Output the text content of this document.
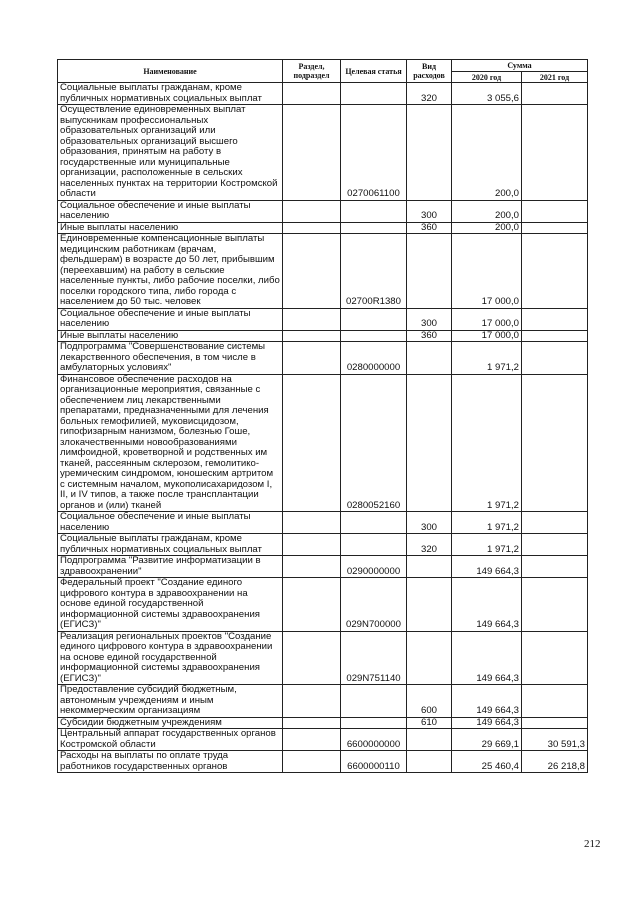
Наименование	Раздел, подраздел	Целевая статья	Вид расходов	Сумма	
				2020 год	2021 год
Социальные выплаты гражданам, кроме публичных нормативных социальных выплат			320	3 055,6	
Осуществление единовременных выплат выпускникам профессиональных образовательных организаций или образовательных организаций высшего образования, принятым на работу в государственные или муниципальные организации, расположенные в сельских населенных пунктах на территории Костромской области		0270061100		200,0	
Социальное обеспечение и иные выплаты населению			300	200,0	
Иные выплаты населению			360	200,0	
Единовременные компенсационные выплаты медицинским работникам (врачам, фельдшерам) в возрасте до 50 лет, прибывшим (переехавшим) на работу в сельские населенные пункты, либо рабочие поселки, либо поселки городского типа, либо города с населением до 50 тыс. человек		02700R1380		17 000,0	
Социальное обеспечение и иные выплаты населению			300	17 000,0	
Иные выплаты населению			360	17 000,0	
Подпрограмма "Совершенствование системы лекарственного обеспечения, в том числе в амбулаторных условиях"		0280000000		1 971,2	
Финансовое обеспечение расходов на организационные мероприятия, связанные с обеспечением лиц лекарственными препаратами, предназначенными для лечения больных гемофилией, муковисцидозом, гипофизарным нанизмом, болезнью Гоше, злокачественными новообразованиями лимфоидной, кроветворной и родственных им тканей, рассеянным склерозом, гемолитико-уремическим синдромом, юношеским артритом с системным началом, мукополисахаридозом I, II, и IV типов, а также после трансплантации органов и (или) тканей		0280052160		1 971,2	
Социальное обеспечение и иные выплаты населению			300	1 971,2	
Социальные выплаты гражданам, кроме публичных нормативных социальных выплат			320	1 971,2	
Подпрограмма "Развитие информатизации в здравоохранении"		0290000000		149 664,3	
Федеральный проект "Создание единого цифрового контура в здравоохранении на основе единой государственной информационной системы здравоохранения (ЕГИСЗ)"		029N700000		149 664,3	
Реализация региональных проектов "Создание единого цифрового контура в здравоохранении на основе единой государственной информационной системы здравоохранения (ЕГИСЗ)"		029N751140		149 664,3	
Предоставление субсидий бюджетным, автономным учреждениям и иным некоммерческим организациям			600	149 664,3	
Субсидии бюджетным учреждениям			610	149 664,3	
Центральный аппарат государственных органов Костромской области		6600000000		29 669,1	30 591,3
Расходы на выплаты по оплате труда работников государственных органов		6600000110		25 460,4	26 218,8
212
